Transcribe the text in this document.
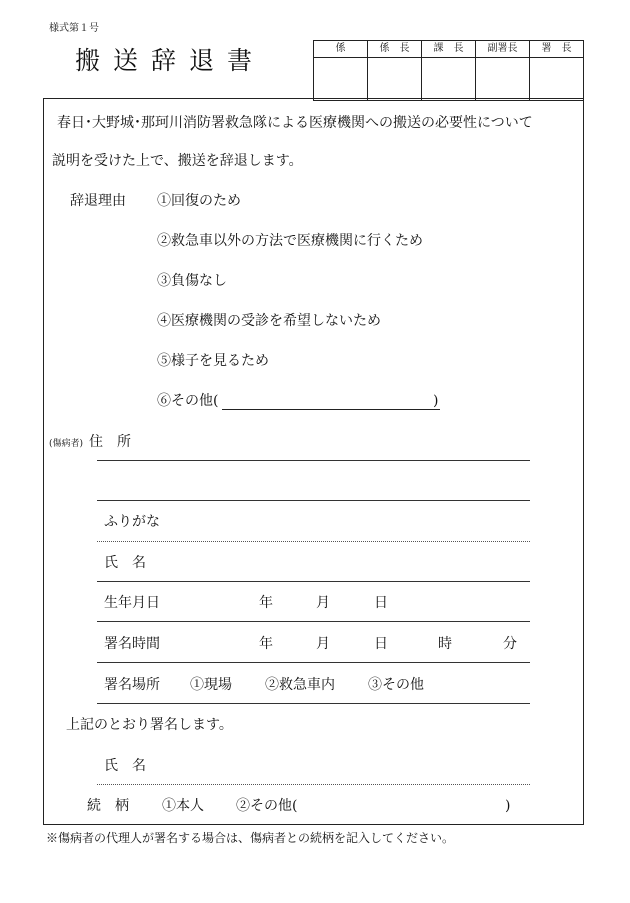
様式第１号
搬送辞退書	係	係　長	課　長	副署長	署　長

春日･大野城･那珂川消防署救急隊による医療機関への搬送の必要性について
説明を受けた上で、搬送を辞退します。
辞退理由 ①回復のため
②救急車以外の方法で医療機関に行くため
③負傷なし
④医療機関の受診を希望しないため
⑤様子を見るため
⑥その他(	)
(傷病者) 住　所
ふりがな
氏　名
生年月日	年	月	日
署名時間	年	月	日	時	分
署名場所 ①現場 ②救急車内 ③その他
上記のとおり署名します。
氏　名
続　柄 ①本人 ②その他(	)
※傷病者の代理人が署名する場合は、傷病者との続柄を記入してください。
